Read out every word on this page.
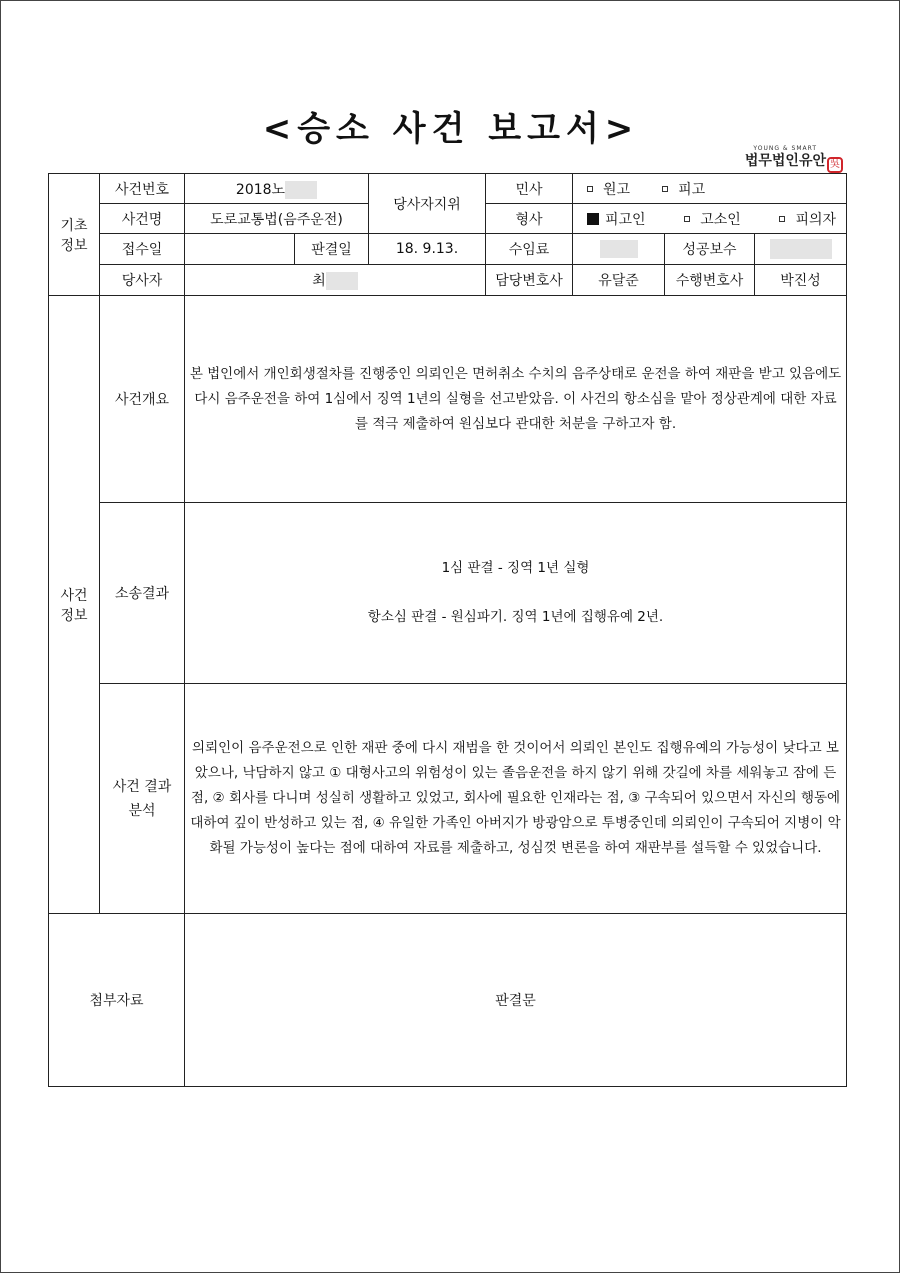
<승소 사건 보고서>	YOUNG & SMART
법무법인유안 吳
기초 정보	사건번호	2018노		당사자지위	민사	원고 피고		

	사건명	도로교통법(음주운전)			형사	피고인 고소인 피의자		

	접수일		판결일	18. 9.13.	수임료		성공보수	
	당사자	최			담당변호사	유달준	수행변호사	박진성
사건 정보	사건개요	본 법인에서 개인회생절차를 진행중인 의뢰인은 면허취소 수치의 음주상태로 운전을 하여 재판을 받고 있음에도 다시 음주운전을 하여 1심에서 징역 1년의 실형을 선고받았음. 이 사건의 항소심을 맡아 정상관계에 대한 자료를 적극 제출하여 원심보다 관대한 처분을 구하고자 함.						
	소송결과	1심 판결 - 징역 1년 실형
항소심 판결 - 원심파기. 징역 1년에 집행유예 2년.						

	사건 결과 분석	의뢰인이 음주운전으로 인한 재판 중에 다시 재범을 한 것이어서 의뢰인 본인도 집행유예의 가능성이 낮다고 보았으나, 낙담하지 않고 ① 대형사고의 위험성이 있는 졸음운전을 하지 않기 위해 갓길에 차를 세워놓고 잠에 든 점, ② 회사를 다니며 성실히 생활하고 있었고, 회사에 필요한 인재라는 점, ③ 구속되어 있으면서 자신의 행동에 대하여 깊이 반성하고 있는 점, ④ 유일한 가족인 아버지가 방광암으로 투병중인데 의뢰인이 구속되어 지병이 악화될 가능성이 높다는 점에 대하여 자료를 제출하고, 성심껏 변론을 하여 재판부를 설득할 수 있었습니다.						
첨부자료		판결문						
